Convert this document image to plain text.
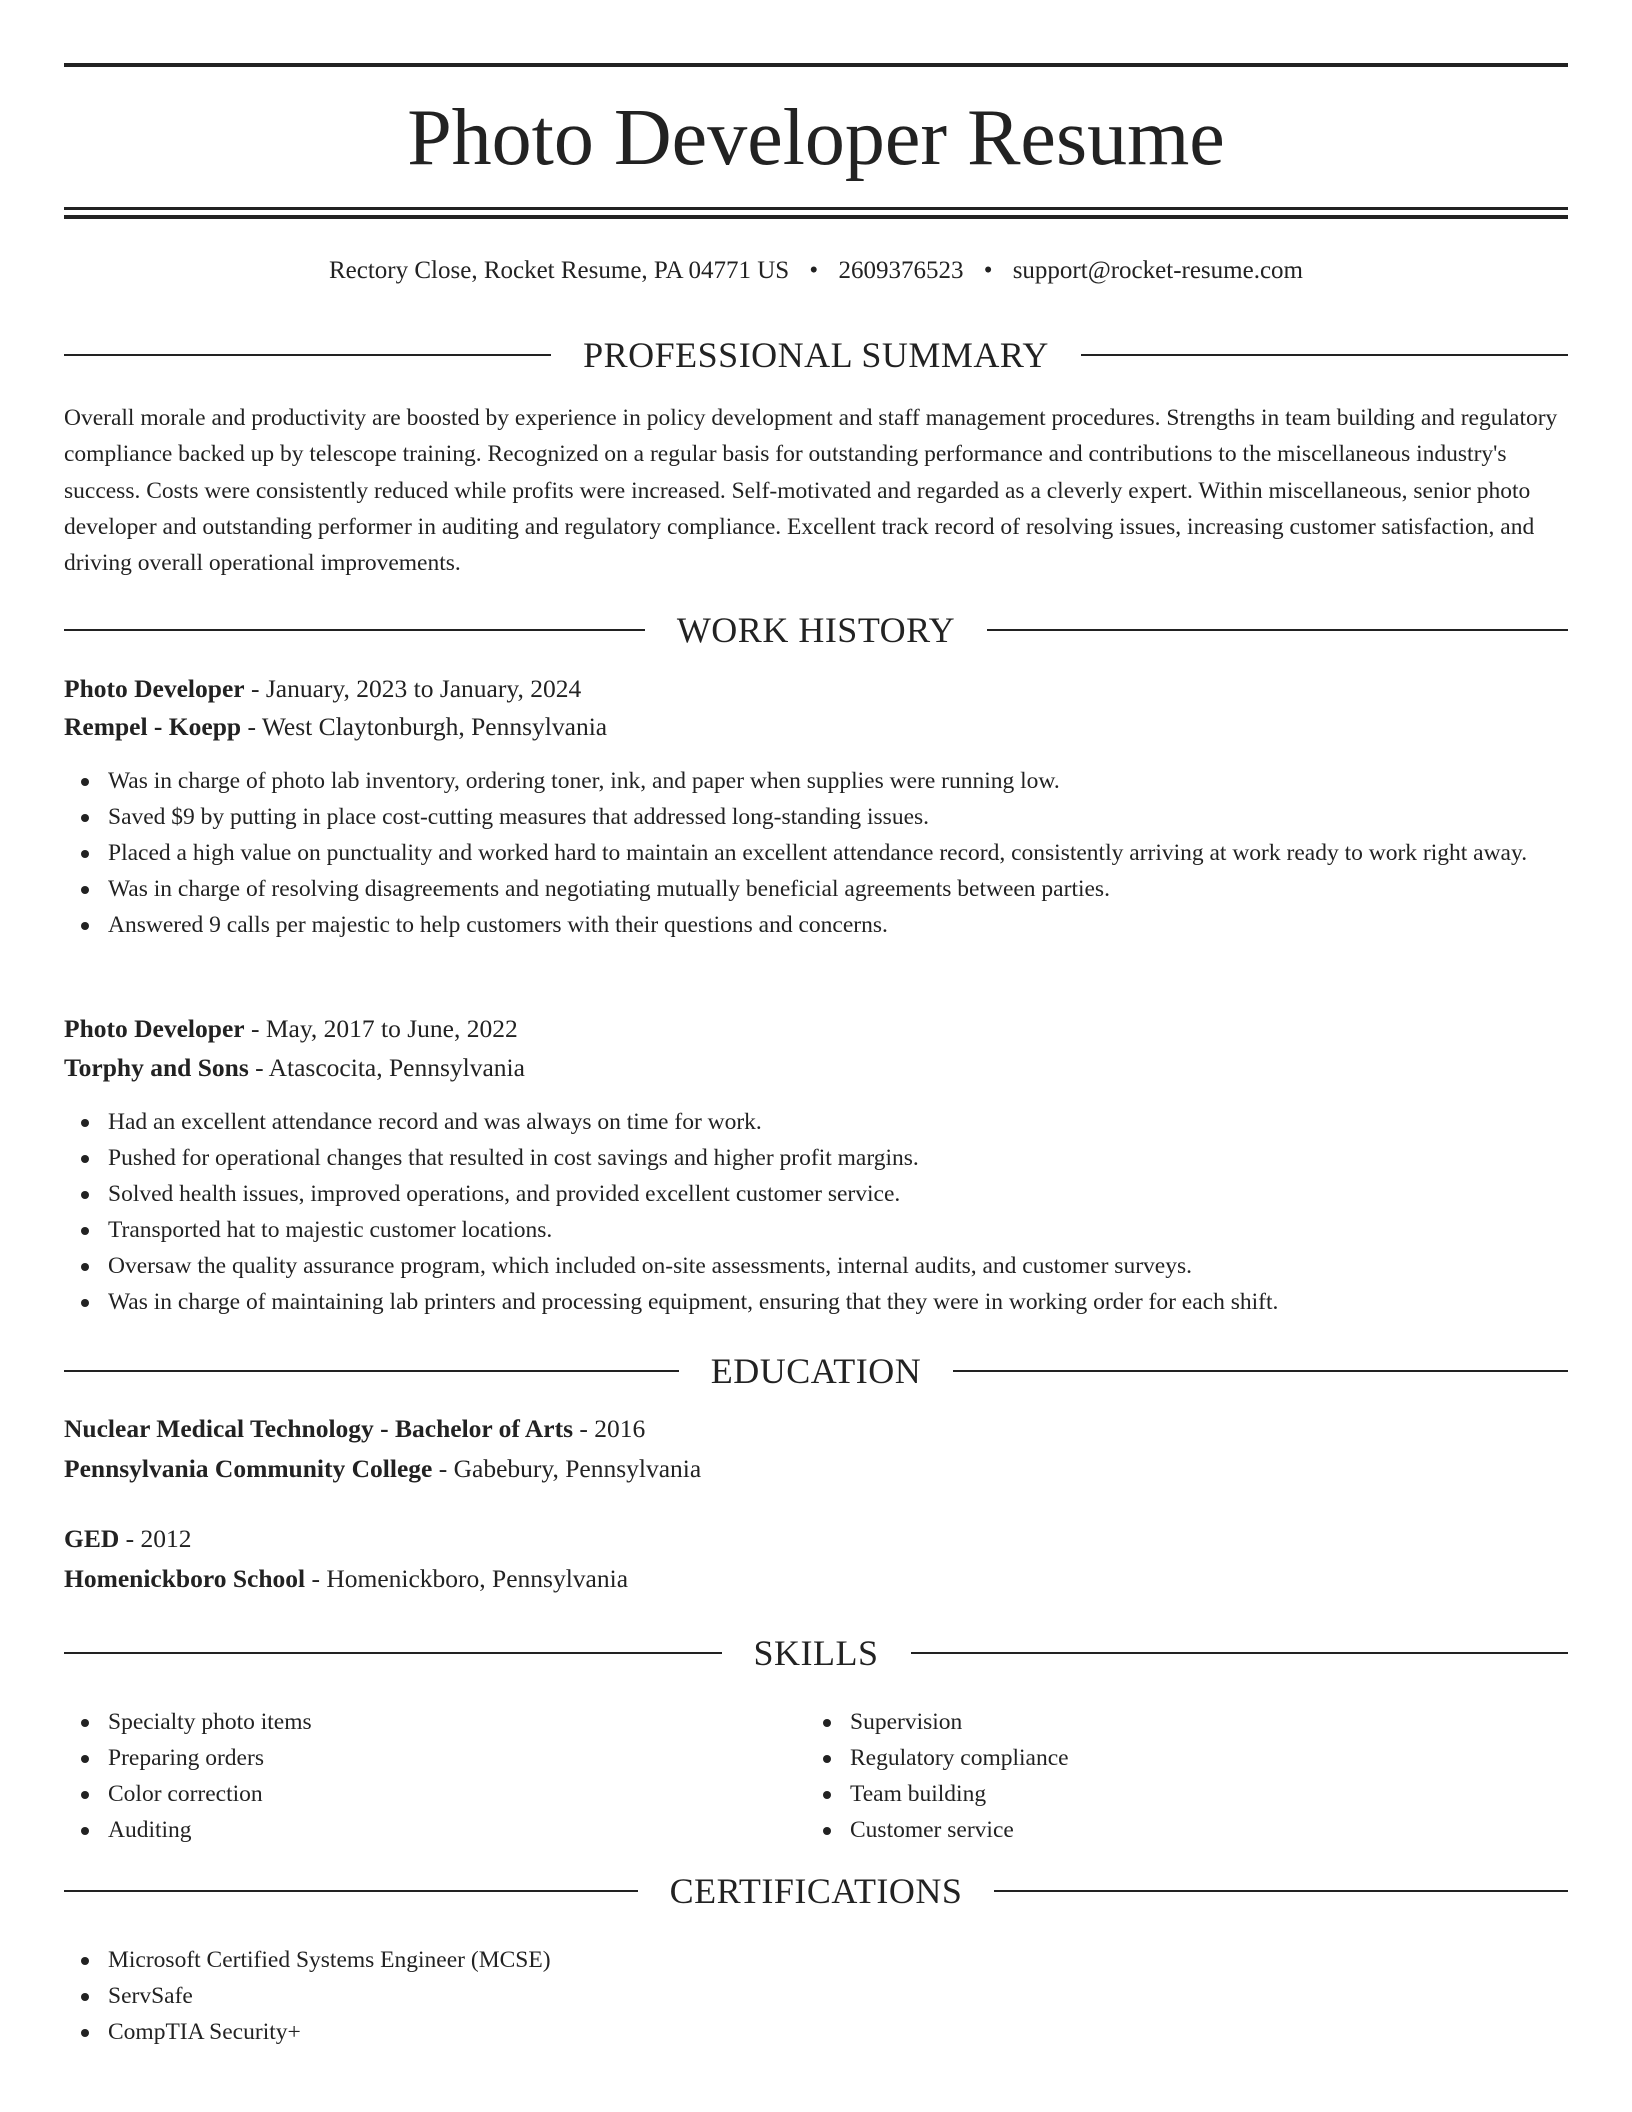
Photo Developer Resume
Rectory Close, Rocket Resume, PA 04771 US • 2609376523 • support@rocket-resume.com
PROFESSIONAL SUMMARY

Overall morale and productivity are boosted by experience in policy development and staff management procedures. Strengths in team building and regulatory compliance backed up by telescope training. Recognized on a regular basis for outstanding performance and contributions to the miscellaneous industry's success. Costs were consistently reduced while profits were increased. Self-motivated and regarded as a cleverly expert. Within miscellaneous, senior photo developer and outstanding performer in auditing and regulatory compliance. Excellent track record of resolving issues, increasing customer satisfaction, and driving overall operational improvements.

WORK HISTORY
Photo Developer - January, 2023 to January, 2024
Rempel - Koepp - West Claytonburgh, Pennsylvania
Was in charge of photo lab inventory, ordering toner, ink, and paper when supplies were running low.
Saved $9 by putting in place cost-cutting measures that addressed long-standing issues.
Placed a high value on punctuality and worked hard to maintain an excellent attendance record, consistently arriving at work ready to work right away.
Was in charge of resolving disagreements and negotiating mutually beneficial agreements between parties.
Answered 9 calls per majestic to help customers with their questions and concerns.
Photo Developer - May, 2017 to June, 2022
Torphy and Sons - Atascocita, Pennsylvania
Had an excellent attendance record and was always on time for work.
Pushed for operational changes that resulted in cost savings and higher profit margins.
Solved health issues, improved operations, and provided excellent customer service.
Transported hat to majestic customer locations.
Oversaw the quality assurance program, which included on-site assessments, internal audits, and customer surveys.
Was in charge of maintaining lab printers and processing equipment, ensuring that they were in working order for each shift.
EDUCATION
Nuclear Medical Technology - Bachelor of Arts - 2016
Pennsylvania Community College - Gabebury, Pennsylvania
GED - 2012
Homenickboro School - Homenickboro, Pennsylvania
SKILLS
Specialty photo items
Preparing orders
Color correction
Auditing
Supervision
Regulatory compliance
Team building
Customer service
CERTIFICATIONS
Microsoft Certified Systems Engineer (MCSE)
ServSafe
CompTIA Security+
